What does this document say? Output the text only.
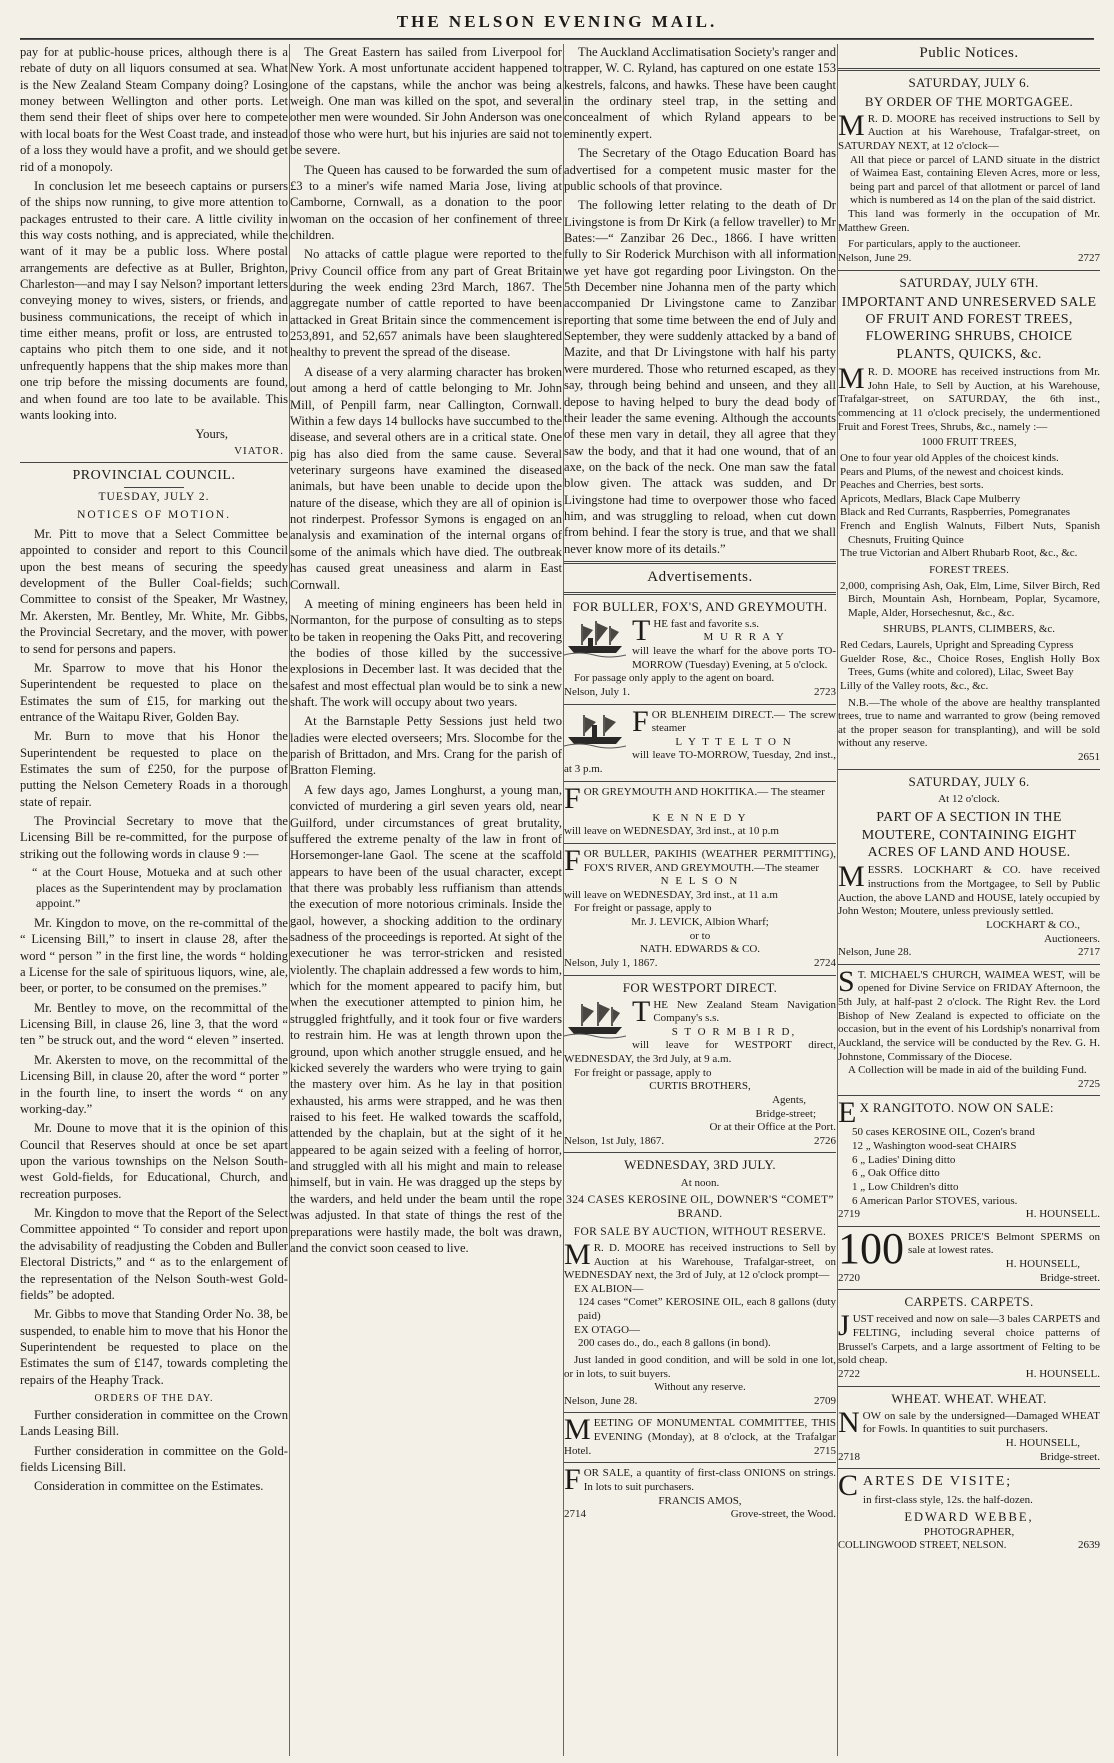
THE NELSON EVENING MAIL.

pay for at public-house prices, although there is a rebate of duty on all liquors consumed at sea. What is the New Zealand Steam Company doing? Losing money between Wellington and other ports. Let them send their fleet of ships over here to compete with local boats for the West Coast trade, and instead of a loss they would have a profit, and we should get rid of a monopoly.

In conclusion let me beseech captains or pursers of the ships now running, to give more attention to packages entrusted to their care. A little civility in this way costs nothing, and is appreciated, while the want of it may be a public loss. Where postal arrangements are defective as at Buller, Brighton, Charleston—and may I say Nelson? important letters conveying money to wives, sisters, or friends, and business communications, the receipt of which in time either means, profit or loss, are entrusted to captains who pitch them to one side, and it not unfrequently happens that the ship makes more than one trip before the missing documents are found, and when found are too late to be available. This wants looking into.

Yours,
VIATOR.
PROVINCIAL COUNCIL.
TUESDAY, JULY 2.
NOTICES OF MOTION.

Mr. Pitt to move that a Select Committee be appointed to consider and report to this Council upon the best means of securing the speedy development of the Buller Coal-fields; such Committee to consist of the Speaker, Mr Wastney, Mr. Akersten, Mr. Bentley, Mr. White, Mr. Gibbs, the Provincial Secretary, and the mover, with power to send for persons and papers.

Mr. Sparrow to move that his Honor the Superintendent be requested to place on the Estimates the sum of £15, for marking out the entrance of the Waitapu River, Golden Bay.

Mr. Burn to move that his Honor the Superintendent be requested to place on the Estimates the sum of £250, for the purpose of putting the Nelson Cemetery Roads in a thorough state of repair.

The Provincial Secretary to move that the Licensing Bill be re-committed, for the purpose of striking out the following words in clause 9 :—

“ at the Court House, Motueka and at such other places as the Superintendent may by proclamation appoint.”

Mr. Kingdon to move, on the re-committal of the “ Licensing Bill,” to insert in clause 28, after the word “ person ” in the first line, the words “ holding a License for the sale of spirituous liquors, wine, ale, beer, or porter, to be consumed on the premises.”

Mr. Bentley to move, on the recommittal of the Licensing Bill, in clause 26, line 3, that the word “ ten ” be struck out, and the word “ eleven ” inserted.

Mr. Akersten to move, on the recommittal of the Licensing Bill, in clause 20, after the word “ porter ” in the fourth line, to insert the words “ on any working-day.”

Mr. Doune to move that it is the opinion of this Council that Reserves should at once be set apart upon the various townships on the Nelson South-west Gold-fields, for Educational, Church, and recreation purposes.

Mr. Kingdon to move that the Report of the Select Committee appointed “ To consider and report upon the advisability of readjusting the Cobden and Buller Electoral Districts,” and “ as to the enlargement of the representation of the Nelson South-west Gold-fields” be adopted.

Mr. Gibbs to move that Standing Order No. 38, be suspended, to enable him to move that his Honor the Superintendent be requested to place on the Estimates the sum of £147, towards completing the repairs of the Heaphy Track.

ORDERS OF THE DAY.

Further consideration in committee on the Crown Lands Leasing Bill.

Further consideration in committee on the Gold-fields Licensing Bill.

Consideration in committee on the Estimates.

The Great Eastern has sailed from Liverpool for New York. A most unfortunate accident happened to one of the capstans, while the anchor was being a weigh. One man was killed on the spot, and several other men were wounded. Sir John Anderson was one of those who were hurt, but his injuries are said not to be severe.

The Queen has caused to be forwarded the sum of £3 to a miner's wife named Maria Jose, living at Camborne, Cornwall, as a donation to the poor woman on the occasion of her confinement of three children.

No attacks of cattle plague were reported to the Privy Council office from any part of Great Britain during the week ending 23rd March, 1867. The aggregate number of cattle reported to have been attacked in Great Britain since the commencement is 253,891, and 52,657 animals have been slaughtered healthy to prevent the spread of the disease.

A disease of a very alarming character has broken out among a herd of cattle belonging to Mr. John Mill, of Penpill farm, near Callington, Cornwall. Within a few days 14 bullocks have succumbed to the disease, and several others are in a critical state. One pig has also died from the same cause. Several veterinary surgeons have examined the diseased animals, but have been unable to decide upon the nature of the disease, which they are all of opinion is not rinderpest. Professor Symons is engaged on an analysis and examination of the internal organs of some of the animals which have died. The outbreak has caused great uneasiness and alarm in East Cornwall.

A meeting of mining engineers has been held in Normanton, for the purpose of consulting as to steps to be taken in reopening the Oaks Pitt, and recovering the bodies of those killed by the successive explosions in December last. It was decided that the safest and most effectual plan would be to sink a new shaft. The work will occupy about two years.

At the Barnstaple Petty Sessions just held two ladies were elected overseers; Mrs. Slocombe for the parish of Brittadon, and Mrs. Crang for the parish of Bratton Fleming.

A few days ago, James Longhurst, a young man, convicted of murdering a girl seven years old, near Guilford, under circumstances of great brutality, suffered the extreme penalty of the law in front of Horsemonger-lane Gaol. The scene at the scaffold appears to have been of the usual character, except that there was probably less ruffianism than attends the execution of more notorious criminals. Inside the gaol, however, a shocking addition to the ordinary sadness of the proceedings is reported. At sight of the executioner he was terror-stricken and resisted violently. The chaplain addressed a few words to him, which for the moment appeared to pacify him, but when the executioner attempted to pinion him, he struggled frightfully, and it took four or five warders to restrain him. He was at length thrown upon the ground, upon which another struggle ensued, and he kicked severely the warders who were trying to gain the mastery over him. As he lay in that position exhausted, his arms were strapped, and he was then raised to his feet. He walked towards the scaffold, attended by the chaplain, but at the sight of it he appeared to be again seized with a feeling of horror, and struggled with all his might and main to release himself, but in vain. He was dragged up the steps by the warders, and held under the beam until the rope was adjusted. In that state of things the rest of the preparations were hastily made, the bolt was drawn, and the convict soon ceased to live.

The Auckland Acclimatisation Society's ranger and trapper, W. C. Ryland, has captured on one estate 153 kestrels, falcons, and hawks. These have been caught in the ordinary steel trap, in the setting and concealment of which Ryland appears to be eminently expert.

The Secretary of the Otago Education Board has advertised for a competent music master for the public schools of that province.

The following letter relating to the death of Dr Livingstone is from Dr Kirk (a fellow traveller) to Mr Bates:—“ Zanzibar 26 Dec., 1866. I have written fully to Sir Roderick Murchison with all information we yet have got regarding poor Livingston. On the 5th December nine Johanna men of the party which accompanied Dr Livingstone came to Zanzibar reporting that some time between the end of July and September, they were suddenly attacked by a band of Mazite, and that Dr Livingstone with half his party were murdered. Those who returned escaped, as they say, through being behind and unseen, and they all depose to having helped to bury the dead body of their leader the same evening. Although the accounts of these men vary in detail, they all agree that they saw the body, and that it had one wound, that of an axe, on the back of the neck. One man saw the fatal blow given. The attack was sudden, and Dr Livingstone had time to overpower those who faced him, and was struggling to reload, when cut down from behind. I fear the story is true, and that we shall never know more of its details.”

Advertisements.
FOR BULLER, FOX'S, AND GREYMOUTH.
T HE fast and favorite s.s.
M U R R A Y
will leave the wharf for the above ports TO-MORROW (Tuesday) Evening, at 5 o'clock.
For passage only apply to the agent on board.
Nelson, July 1.	2723
FOR BLENHEIM DIRECT.— The screw steamer
L Y T T E L T O N
will leave TO-MORROW, Tuesday, 2nd inst., at 3 p.m.
FOR GREYMOUTH AND HOKITIKA.— The steamer
K E N N E D Y
will leave on WEDNESDAY, 3rd inst., at 10 p.m
FOR BULLER, PAKIHIS (WEATHER PERMITTING), FOX'S RIVER, AND GREYMOUTH.—The steamer
N E L S O N
will leave on WEDNESDAY, 3rd inst., at 11 a.m
For freight or passage, apply to
Mr. J. LEVICK, Albion Wharf;
or to
NATH. EDWARDS & CO.
Nelson, July 1, 1867.	2724
FOR WESTPORT DIRECT.
T HE New Zealand Steam Navigation Company's s.s.
S T O R M B I R D,
will leave for WESTPORT direct, WEDNESDAY, the 3rd July, at 9 a.m.
For freight or passage, apply to
CURTIS BROTHERS,
Agents,
Bridge-street;
Or at their Office at the Port.
Nelson, 1st July, 1867.	2726
WEDNESDAY, 3RD JULY.
At noon.
324 CASES KEROSINE OIL, DOWNER'S “COMET” BRAND.
FOR SALE BY AUCTION, WITHOUT RESERVE.
M R. D. MOORE has received instructions to Sell by Auction at his Warehouse, Trafalgar-street, on WEDNESDAY next, the 3rd of July, at 12 o'clock prompt—
EX ALBION—
124 cases “Comet” KEROSINE OIL, each 8 gallons (duty paid)
EX OTAGO—
200 cases do., do., each 8 gallons (in bond).
Just landed in good condition, and will be sold in one lot, or in lots, to suit buyers.
Without any reserve.
Nelson, June 28.	2709
MEETING OF MONUMENTAL COMMITTEE, THIS EVENING (Monday), at 8 o'clock, at the Trafalgar Hotel.	2715
FOR SALE, a quantity of first-class ONIONS on strings. In lots to suit purchasers.
FRANCIS AMOS,
2714	Grove-street, the Wood.
Public Notices.
SATURDAY, JULY 6.
BY ORDER OF THE MORTGAGEE.
M R. D. MOORE has received instructions to Sell by Auction at his Warehouse, Trafalgar-street, on SATURDAY NEXT, at 12 o'clock—
All that piece or parcel of LAND situate in the district of Waimea East, containing Eleven Acres, more or less, being part and parcel of that allotment or parcel of land which is numbered as 14 on the plan of the said district.
This land was formerly in the occupation of Mr. Matthew Green.
For particulars, apply to the auctioneer.
Nelson, June 29.	2727
SATURDAY, JULY 6TH.
IMPORTANT AND UNRESERVED SALE OF FRUIT AND FOREST TREES, FLOWERING SHRUBS, CHOICE PLANTS, QUICKS, &c.
M R. D. MOORE has received instructions from Mr. John Hale, to Sell by Auction, at his Warehouse, Trafalgar-street, on SATURDAY, the 6th inst., commencing at 11 o'clock precisely, the undermentioned Fruit and Forest Trees, Shrubs, &c., namely :—
1000 FRUIT TREES,
One to four year old Apples of the choicest kinds.
Pears and Plums, of the newest and choicest kinds.
Peaches and Cherries, best sorts.
Apricots, Medlars, Black Cape Mulberry
Black and Red Currants, Raspberries, Pomegranates
French and English Walnuts, Filbert Nuts, Spanish Chesnuts, Fruiting Quince
The true Victorian and Albert Rhubarb Root, &c., &c.
FOREST TREES.
2,000, comprising Ash, Oak, Elm, Lime, Silver Birch, Red Birch, Mountain Ash, Hornbeam, Poplar, Sycamore, Maple, Alder, Horsechesnut, &c., &c.
SHRUBS, PLANTS, CLIMBERS, &c.
Red Cedars, Laurels, Upright and Spreading Cypress
Guelder Rose, &c., Choice Roses, English Holly Box Trees, Gums (white and colored), Lilac, Sweet Bay
Lilly of the Valley roots, &c., &c.
N.B.—The whole of the above are healthy transplanted trees, true to name and warranted to grow (being removed at the proper season for transplanting), and will be sold without any reserve.
2651
SATURDAY, JULY 6.
At 12 o'clock.
PART OF A SECTION IN THE MOUTERE, CONTAINING EIGHT ACRES OF LAND AND HOUSE.
M ESSRS. LOCKHART & CO. have received instructions from the Mortgagee, to Sell by Public Auction, the above LAND and HOUSE, lately occupied by John Weston; Moutere, unless previously settled.
LOCKHART & CO.,
Auctioneers.
Nelson, June 28.	2717
S T. MICHAEL'S CHURCH, WAIMEA WEST, will be opened for Divine Service on FRIDAY Afternoon, the 5th July, at half-past 2 o'clock. The Right Rev. the Lord Bishop of New Zealand is expected to officiate on the occasion, but in the event of his Lordship's nonarrival from Auckland, the service will be conducted by the Rev. G. H. Johnstone, Commissary of the Diocese.
A Collection will be made in aid of the building Fund.
2725
E X RANGITOTO. NOW ON SALE:
50 cases KEROSINE OIL, Cozen's brand
12 „ Washington wood-seat CHAIRS
6 „ Ladies' Dining ditto
6 „ Oak Office ditto
1 „ Low Children's ditto
6 American Parlor STOVES, various.
2719	H. HOUNSELL.
100 BOXES PRICE'S Belmont SPERMS on sale at lowest rates.
H. HOUNSELL,
2720	Bridge-street.
CARPETS. CARPETS.
J UST received and now on sale—3 bales CARPETS and FELTING, including several choice patterns of Brussel's Carpets, and a large assortment of Felting to be sold cheap.
2722	H. HOUNSELL.
WHEAT. WHEAT. WHEAT.
N OW on sale by the undersigned—Damaged WHEAT for Fowls. In quantities to suit purchasers.
H. HOUNSELL,
2718	Bridge-street.
CARTES DE VISITE;
in first-class style, 12s. the half-dozen.
EDWARD WEBBE,
PHOTOGRAPHER,
COLLINGWOOD STREET, NELSON.	2639
